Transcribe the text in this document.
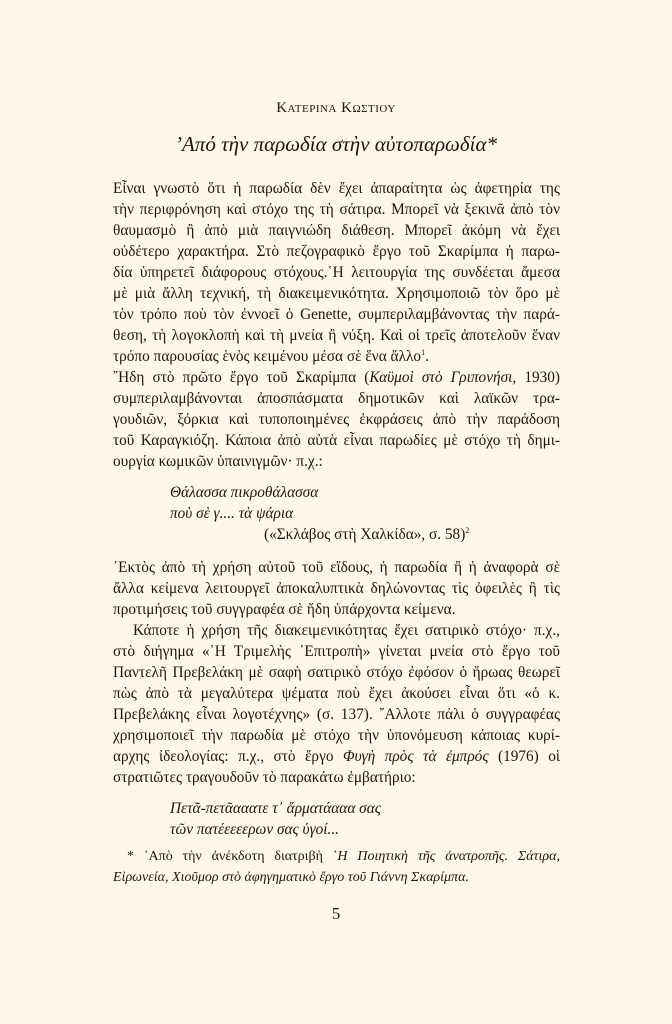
Κατερινα Κωστιου
’Από τὴν παρωδία στὴν αὐτοπαρωδία*
Εἶναι γνωστὸ ὅτι ἡ παρωδία δὲν ἔχει ἀπαραίτητα ὡς ἀφετηρία της
τὴν περιφρόνηση καὶ στόχο της τὴ σάτιρα. Μπορεῖ νὰ ξεκινᾶ ἀπὸ τὸν
θαυμασμὸ ἢ ἀπὸ μιὰ παιγνιώδη διάθεση. Μπορεῖ ἀκόμη νὰ ἔχει
οὐδέτερο χαρακτήρα. Στὸ πεζογραφικὸ ἔργο τοῦ Σκαρίμπα ἡ παρω-
δία ὑπηρετεῖ διάφορους στόχους.῾Η λειτουργία της συνδέεται ἄμεσα
μὲ μιὰ ἄλλη τεχνική, τὴ διακειμενικότητα. Χρησιμοποιῶ τὸν ὅρο μὲ
τὸν τρόπο ποὺ τὸν ἐννοεῖ ὁ Genette, συμπεριλαμβάνοντας τὴν παρά-
θεση, τὴ λογοκλοπὴ καὶ τὴ μνεία ἢ νύξη. Καὶ οἱ τρεῖς ἀποτελοῦν ἕναν
τρόπο παρουσίας ἑνὸς κειμένου μέσα σὲ ἕνα ἄλλο$^1$.
῎Ηδη στὸ πρῶτο ἔργο τοῦ Σκαρίμπα (Καϋμοὶ στὸ Γριπονήσι, 1930)
συμπεριλαμβάνονται ἀποσπάσματα δημοτικῶν καὶ λαϊκῶν τρα-
γουδιῶν, ξόρκια καὶ τυποποιημένες ἐκφράσεις ἀπὸ τὴν παράδοση
τοῦ Καραγκιόζη. Κάποια ἀπὸ αὐτὰ εἶναι παρωδίες μὲ στόχο τὴ δημι-
ουργία κωμικῶν ὑπαινιγμῶν· π.χ.:
Θάλασσα πικροθάλασσα
ποὺ σὲ γ.... τὰ ψάρια
(«Σκλάβος στὴ Χαλκίδα», σ. 58)$^2$
᾿Εκτὸς ἀπὸ τὴ χρήση αὐτοῦ τοῦ εἴδους, ἡ παρωδία ἢ ἡ ἀναφορὰ σὲ
ἄλλα κείμενα λειτουργεῖ ἀποκαλυπτικὰ δηλώνοντας τὶς ὀφειλὲς ἢ τὶς
προτιμήσεις τοῦ συγγραφέα σὲ ἤδη ὑπάρχοντα κείμενα.
Κάποτε ἡ χρήση τῆς διακειμενικότητας ἔχει σατιρικὸ στόχο· π.χ.,
στὸ διήγημα «῾Η Τριμελὴς ᾿Επιτροπὴ» γίνεται μνεία στὸ ἔργο τοῦ
Παντελῆ Πρεβελάκη μὲ σαφὴ σατιρικὸ στόχο ἐφόσον ὁ ἥρωας θεωρεῖ
πὼς ἀπὸ τὰ μεγαλύτερα ψέματα ποὺ ἔχει ἀκούσει εἶναι ὅτι «ὁ κ.
Πρεβελάκης εἶναι λογοτέχνης» (σ. 137). ῎Αλλοτε πάλι ὁ συγγραφέας
χρησιμοποιεῖ τὴν παρωδία μὲ στόχο τὴν ὑπονόμευση κάποιας κυρί-
αρχης ἰδεολογίας: π.χ., στὸ ἔργο Φυγὴ πρὸς τὰ ἐμπρός (1976) οἱ
στρατιῶτες τραγουδοῦν τὸ παρακάτω ἐμβατήριο:
Πετᾶ-πετᾶααατε τ᾿ ἄρματάααα σας
τῶν πατέεεεερων σας ὑγοί...
* ᾿Απὸ τὴν ἀνέκδοτη διατριβὴ ῾Η Ποιητικὴ τῆς ἀνατροπῆς. Σάτιρα,
Εἰρωνεία, Χιοῦμορ στὸ ἀφηγηματικὸ ἔργο τοῦ Γιάννη Σκαρίμπα.
5
